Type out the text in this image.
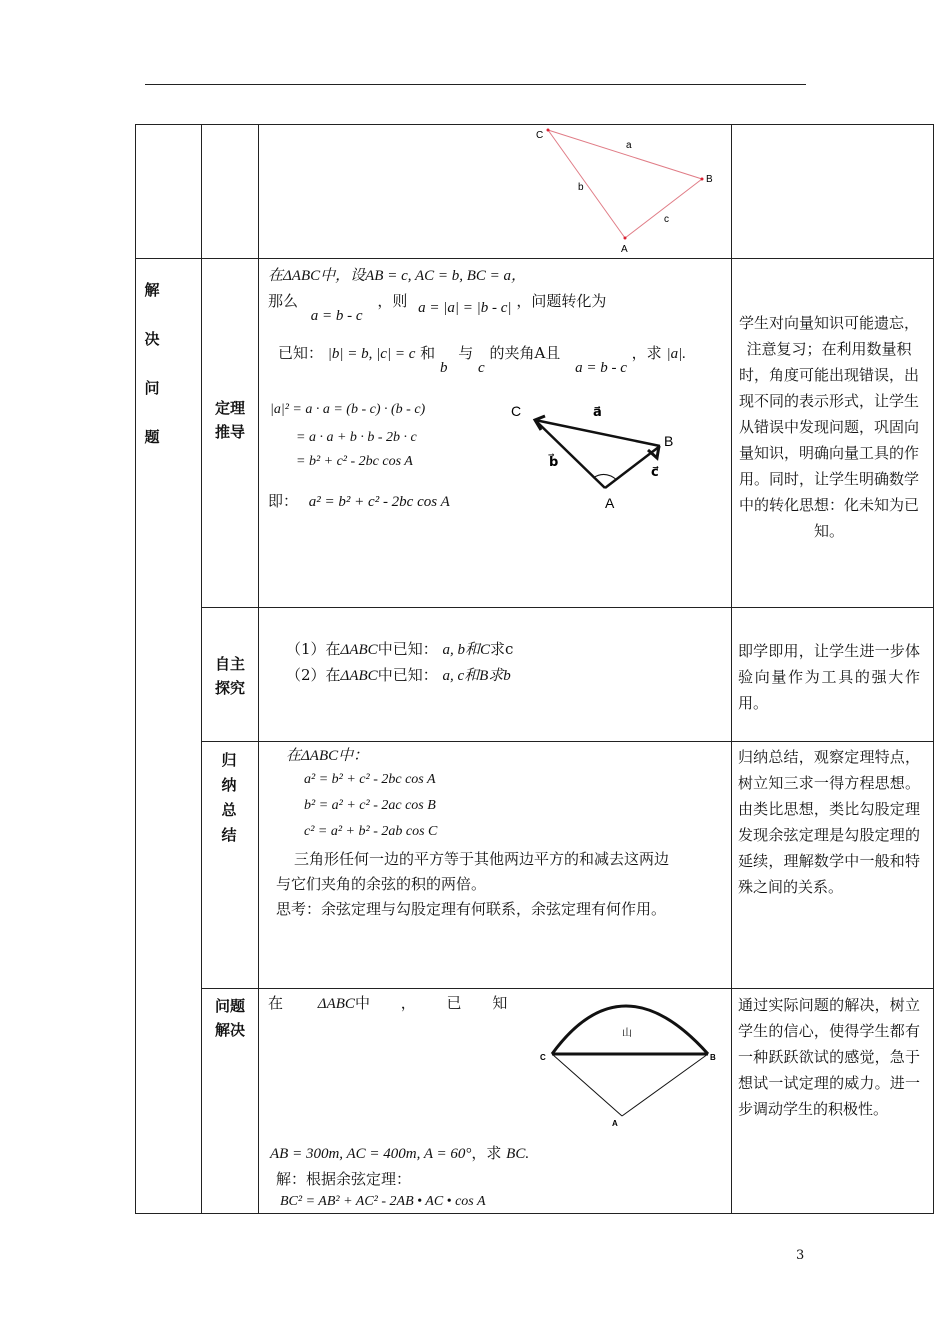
C
B
A
a
b
c
解决问题
定理推导
在ΔABC中，设AB = c, AC = b, BC = a，
那么 a = b - c ，则 a = |a| = |b - c| ，问题转化为
已知： |b| = b, |c| = c 和 b 与 c 的夹角A且 a = b - c ，求 |a|.
|a|² = a · a = (b - c) · (b - c)
= a · a + b · b - 2b · c
= b² + c² - 2bc cos A
即： a² = b² + c² - 2bc cos A
C
B
A
a⃗
b⃗
c⃗
学生对向量知识可能遗忘，注意复习；在利用数量积时，角度可能出现错误，出现不同的表示形式，让学生从错误中发现问题，巩固向量知识，明确向量工具的作用。同时，让学生明确数学中的转化思想：化未知为已知。
自主探究
（1）在ΔABC中已知： a, b和C求c
（2）在ΔABC中已知： a, c和B求b
即学即用，让学生进一步体验向量作为工具的强大作用。
归纳总结
在ΔABC中：
a² = b² + c² - 2bc cos A
b² = a² + c² - 2ac cos B
c² = a² + b² - 2ab cos C
三角形任何一边的平方等于其他两边平方的和减去这两边
与它们夹角的余弦的积的两倍。
思考：余弦定理与勾股定理有何联系，余弦定理有何作用。
归纳总结，观察定理特点，树立知三求一得方程思想。由类比思想，类比勾股定理发现余弦定理是勾股定理的延续，理解数学中一般和特殊之间的关系。
问题解决
在 ΔABC中 ， 已 知
山
C	B
A
AB = 300m, AC = 400m, A = 60°，求 BC.
解：根据余弦定理：
BC² = AB² + AC² - 2AB • AC • cos A
通过实际问题的解决，树立学生的信心，使得学生都有一种跃跃欲试的感觉，急于想试一试定理的威力。进一步调动学生的积极性。
3
